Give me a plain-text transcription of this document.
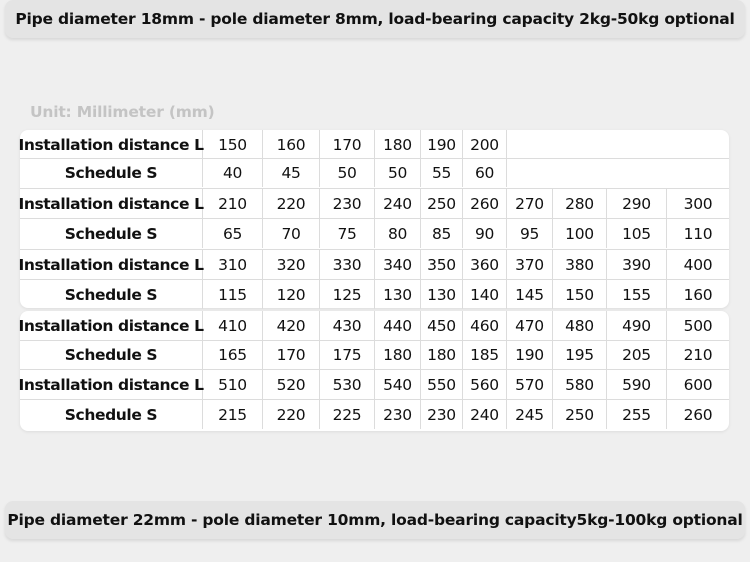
Pipe diameter 18mm - pole diameter 8mm, load-bearing capacity 2kg-50kg optional
Unit: Millimeter (mm)
Installation distance L 150	160	170	180 190 200
Schedule S	40	45	50	50	55	60
Installation distance L 210	220	230	240 250 260	270	280	290	300
Schedule S	65	70	75	80	85	90	95	100	105	110
Installation distance L 310	320	330	340 350 360	370	380	390	400
Schedule S	115	120	125	130 130 140	145	150	155	160
Installation distance L 410	420	430	440 450 460	470	480	490	500
Schedule S	165	170	175	180 180 185	190	195	205	210
Installation distance L 510	520	530	540 550 560	570	580	590	600
Schedule S	215	220	225	230 230 240	245	250	255	260
Pipe diameter 22mm - pole diameter 10mm, load-bearing capacity5kg-100kg optional
